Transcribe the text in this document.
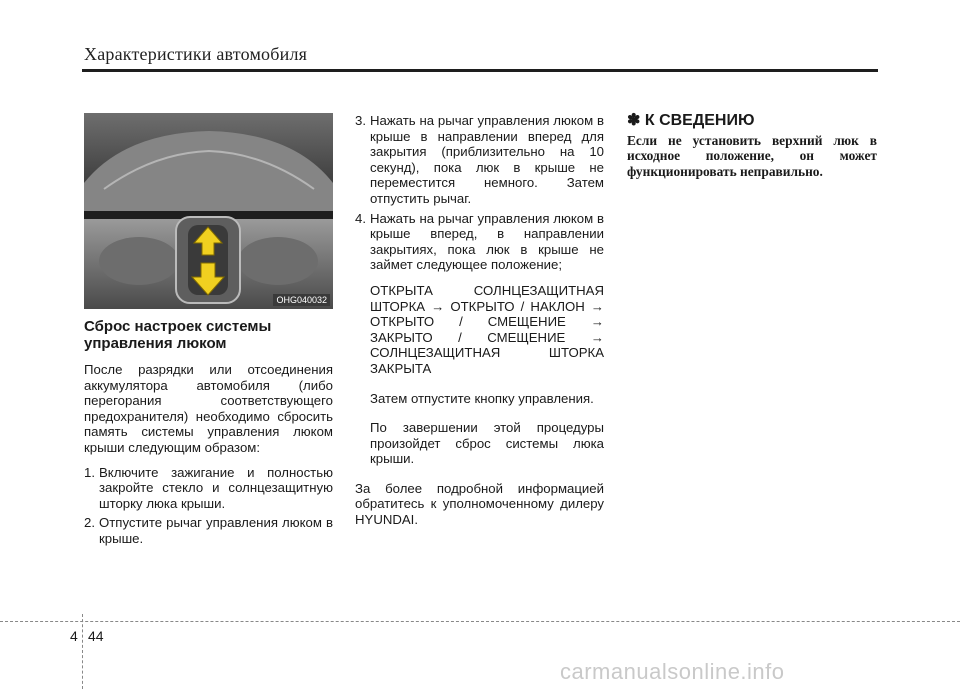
Характеристики автомобиля
OHG040032
Сброс настроек системы управления люком

После разрядки или отсоединения аккумулятора автомобиля (либо перегорания соответствующего предохранителя) необходимо сбросить память системы управления люком крыши следующим образом:

1. Включите зажигание и полностью закройте стекло и солнцезащитную шторку люка крыши.
2. Отпустите рычаг управления люком в крыше.
3. Нажать на рычаг управления люком в крыше в направлении вперед для закрытия (приблизительно на 10 секунд), пока люк в крыше не переместится немного. Затем отпустить рычаг.
4. Нажать на рычаг управления люком в крыше вперед, в направлении закрытиях, пока люк в крыше не займет следующее положение;

ОТКРЫТА СОЛНЦЕЗАЩИТНАЯ ШТОРКА → ОТКРЫТО / НАКЛОН → ОТКРЫТО / СМЕЩЕНИЕ → ЗАКРЫТО / СМЕЩЕНИЕ → СОЛНЦЕЗАЩИТНАЯ ШТОРКА ЗАКРЫТА

Затем отпустите кнопку управления.

По завершении этой процедуры произойдет сброс системы люка крыши.

За более подробной информацией обратитесь к уполномоченному дилеру HYUNDAI.

✽ К СВЕДЕНИЮ
Если не установить верхний люк в исходное положение, он может функционировать неправильно.
4 44
carmanualsonline.info
